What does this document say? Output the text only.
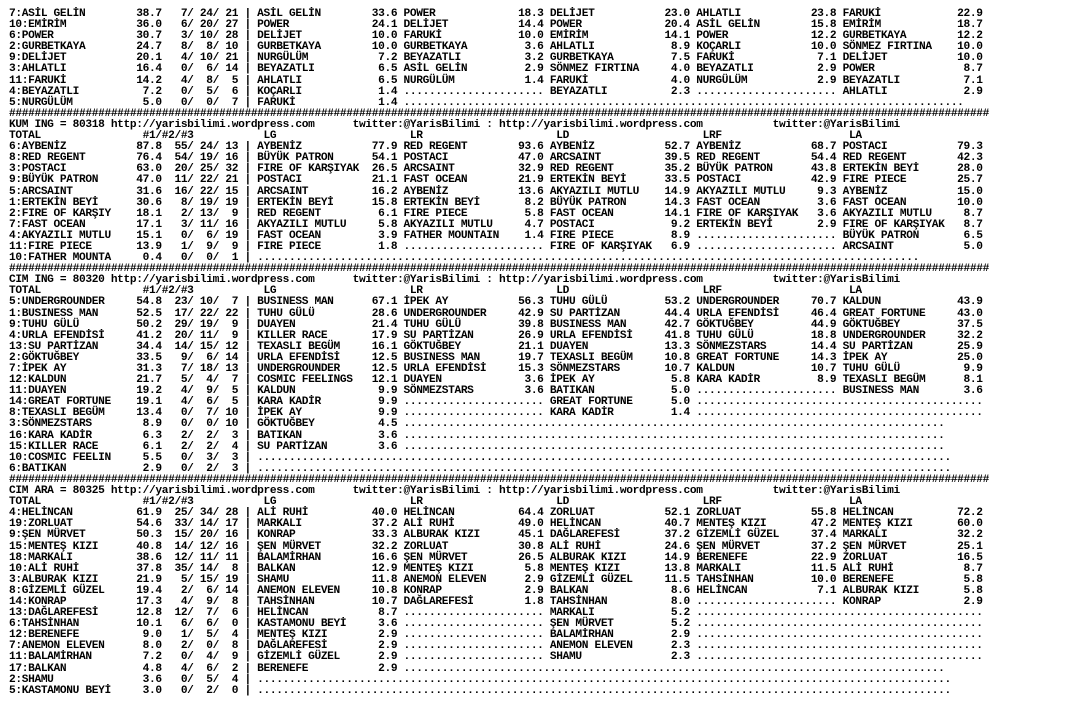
7:ASİL GELİN        38.7   7/ 24/ 21 | ASİL GELİN        33.6 POWER             18.3 DELİJET           23.0 AHLATLI           23.8 FARUKİ            22.9
10:EMİRİM           36.0   6/ 20/ 27 | POWER             24.1 DELİJET           14.4 POWER             20.4 ASİL GELİN        15.8 EMİRİM            18.7
6:POWER             30.7   3/ 10/ 28 | DELİJET           10.0 FARUKİ            10.0 EMİRİM            14.1 POWER             12.2 GURBETKAYA        12.2
2:GURBETKAYA        24.7   8/  8/ 10 | GURBETKAYA        10.0 GURBETKAYA         3.6 AHLATLI            8.9 KOÇARLI           10.0 SÖNMEZ FIRTINA    10.0
9:DELİJET           20.1   4/ 10/ 21 | NURGÜLÜM           7.2 BEYAZATLI          3.2 GURBETKAYA         7.5 FARUKİ             7.1 DELİJET           10.0
3:AHLATLI           16.4   0/  6/ 14 | BEYAZATLI          6.5 ASİL GELİN         2.9 SÖNMEZ FIRTINA     4.0 BEYAZATLI          2.9 POWER              8.7
11:FARUKİ           14.2   4/  8/  5 | AHLATLI            6.5 NURGÜLÜM           1.4 FARUKİ             4.0 NURGÜLÜM           2.9 BEYAZATLI          7.1
4:BEYAZATLI          7.2   0/  5/  6 | KOÇARLI            1.4 ...................... BEYAZATLI          2.3 ...................... AHLATLI            2.9
5:NURGÜLÜM           5.0   0/  0/  7 | FARUKİ             1.4 ........................................................................................
##########################################################################################################################################################
KUM ING = 80318 http://yarisbilimi.wordpress.com      twitter:@YarisBilimi : http://yarisbilimi.wordpress.com           twitter:@YarisBilimi
TOTAL                #1/#2/#3           LG                     LR                     LD                     LRF                    LA
6:AYBENİZ           87.8  55/ 24/ 13 | AYBENİZ           77.9 RED REGENT        93.6 AYBENİZ           52.7 AYBENİZ           68.7 POSTACI           79.3
8:RED REGENT        76.4  54/ 19/ 16 | BÜYÜK PATRON      54.1 POSTACI           47.0 ARCSAINT          39.5 RED REGENT        54.4 RED REGENT        42.3
3:POSTACI           63.0  20/ 25/ 32 | FIRE OF KARŞIYAK  26.5 ARCSAINT          32.9 RED REGENT        35.2 BÜYÜK PATRON      43.8 ERTEKİN BEYİ      28.0
9:BÜYÜK PATRON      47.0  11/ 22/ 21 | POSTACI           21.1 FAST OCEAN        21.9 ERTEKİN BEYİ      33.5 POSTACI           42.9 FIRE PIECE        25.7
5:ARCSAINT          31.6  16/ 22/ 15 | ARCSAINT          16.2 AYBENİZ           13.6 AKYAZILI MUTLU    14.9 AKYAZILI MUTLU     9.3 AYBENİZ           15.0
1:ERTEKİN BEYİ      30.6   8/ 19/ 19 | ERTEKİN BEYİ      15.8 ERTEKİN BEYİ       8.2 BÜYÜK PATRON      14.3 FAST OCEAN         3.6 FAST OCEAN        10.0
2:FIRE OF KARŞIY    18.1   2/ 13/  9 | RED REGENT         6.1 FIRE PIECE         5.8 FAST OCEAN        14.1 FIRE OF KARŞIYAK   3.6 AKYAZILI MUTLU     8.7
7:FAST OCEAN        17.1   3/ 11/ 16 | AKYAZILI MUTLU     5.8 AKYAZILI MUTLU     4.7 POSTACI            9.2 ERTEKİN BEYİ       2.9 FIRE OF KARŞIYAK   8.7
4:AKYAZILI MUTLU    15.1   0/  6/ 19 | FAST OCEAN         3.9 FATHER MOUNTAIN    1.4 FIRE PIECE         8.9 ...................... BÜYÜK PATRON       6.5
11:FIRE PIECE       13.9   1/  9/  9 | FIRE PIECE         1.8 ...................... FIRE OF KARŞIYAK   6.9 ...................... ARCSAINT           5.0
10:FATHER MOUNTA     0.4   0/  0/  1 | ........................................................................................................
##########################################################################################################################################################
CIM ING = 80320 http://yarisbilimi.wordpress.com      twitter:@YarisBilimi : http://yarisbilimi.wordpress.com           twitter:@YarisBilimi
TOTAL                #1/#2/#3           LG                     LR                     LD                     LRF                    LA
5:UNDERGROUNDER     54.8  23/ 10/  7 | BUSINESS MAN      67.1 İPEK AY           56.3 TUHU GÜLÜ         53.2 UNDERGROUNDER     70.7 KALDUN            43.9
1:BUSINESS MAN      52.5  17/ 22/ 22 | TUHU GÜLÜ         28.6 UNDERGROUNDER     42.9 SU PARTİZAN       44.4 URLA EFENDİSİ     46.4 GREAT FORTUNE     43.0
9:TUHU GÜLÜ         50.2  29/ 19/  9 | DUAYEN            21.4 TUHU GÜLÜ         39.8 BUSINESS MAN      42.7 GÖKTUĞBEY         44.9 GÖKTUĞBEY         37.5
4:URLA EFENDİSİ     41.2  20/ 11/  9 | KILLER RACE       17.9 SU PARTİZAN       26.9 URLA EFENDİSİ     41.8 TUHU GÜLÜ         18.8 UNDERGROUNDER     32.2
13:SU PARTİZAN      34.4  14/ 15/ 12 | TEXASLI BEGÜM     16.1 GÖKTUĞBEY         21.1 DUAYEN            13.3 SÖNMEZSTARS       14.4 SU PARTİZAN       25.9
2:GÖKTUĞBEY         33.5   9/  6/ 14 | URLA EFENDİSİ     12.5 BUSINESS MAN      19.7 TEXASLI BEGÜM     10.8 GREAT FORTUNE     14.3 İPEK AY           25.0
7:İPEK AY           31.3   7/ 18/ 13 | UNDERGROUNDER     12.5 URLA EFENDİSİ     15.3 SÖNMEZSTARS       10.7 KALDUN            10.7 TUHU GÜLÜ          9.9
12:KALDUN           21.7   5/  4/  7 | COSMIC FEELINGS   12.1 DUAYEN             3.6 İPEK AY            5.8 KARA KADİR         8.9 TEXASLI BEGÜM      8.1
11:DUAYEN           19.2   4/  9/  5 | KALDUN             9.9 SÖNMEZSTARS        3.6 BATIKAN            5.0 ...................... BUSINESS MAN       3.6
14:GREAT FORTUNE    19.1   4/  6/  5 | KARA KADİR         9.9 ...................... GREAT FORTUNE      5.0 .............................................
8:TEXASLI BEGÜM     13.4   0/  7/ 10 | İPEK AY            9.9 ...................... KARA KADİR         1.4 .............................................
3:SÖNMEZSTARS        8.9   0/  0/ 10 | GÖKTUĞBEY          4.5 .....................................................................................
16:KARA KADİR        6.3   2/  2/  3 | BATIKAN            3.6 .....................................................................................
15:KILLER RACE       6.1   2/  2/  4 | SU PARTİZAN        3.6 .....................................................................................
10:COSMIC FEELIN     5.5   0/  3/  3 | .............................................................................................................
6:BATIKAN            2.9   0/  2/  3 | .............................................................................................................
##########################################################################################################################################################
CIM ARA = 80325 http://yarisbilimi.wordpress.com      twitter:@YarisBilimi : http://yarisbilimi.wordpress.com           twitter:@YarisBilimi
TOTAL                #1/#2/#3           LG                     LR                     LD                     LRF                    LA
4:HELİNCAN          61.9  25/ 34/ 28 | ALİ RUHİ          40.0 HELİNCAN          64.4 ZORLUAT           52.1 ZORLUAT           55.8 HELİNCAN          72.2
19:ZORLUAT          54.6  33/ 14/ 17 | MARKALI           37.2 ALİ RUHİ          49.0 HELİNCAN          40.7 MENTEŞ KIZI       47.2 MENTEŞ KIZI       60.0
9:ŞEN MÜRVET        50.3  15/ 20/ 16 | KONRAP            33.3 ALBURAK KIZI      45.1 DAĞLAREFESİ       37.2 GİZEMLİ GÜZEL     37.4 MARKALI           32.2
15:MENTEŞ KIZI      40.8  14/ 12/ 16 | ŞEN MÜRVET        32.2 ZORLUAT           30.8 ALİ RUHİ          24.6 ŞEN MÜRVET        37.2 ŞEN MÜRVET        25.1
18:MARKALI          38.6  12/ 11/ 11 | BALAMİRHAN        16.6 ŞEN MÜRVET        26.5 ALBURAK KIZI      14.9 BERENEFE          22.9 ZORLUAT           16.5
10:ALİ RUHİ         37.8  35/ 14/  8 | BALKAN            12.9 MENTEŞ KIZI        5.8 MENTEŞ KIZI       13.8 MARKALI           11.5 ALİ RUHİ           8.7
3:ALBURAK KIZI      21.9   5/ 15/ 19 | SHAMU             11.8 ANEMON ELEVEN      2.9 GİZEMLİ GÜZEL     11.5 TAHSİNHAN         10.0 BERENEFE           5.8
8:GİZEMLİ GÜZEL     19.4   2/  6/ 14 | ANEMON ELEVEN     10.8 KONRAP             2.9 BALKAN             8.6 HELİNCAN           7.1 ALBURAK KIZI       5.8
14:KONRAP           17.3   4/  9/  8 | TAHSİNHAN         10.7 DAĞLAREFESİ        1.8 TAHSİNHAN          8.0 ...................... KONRAP             2.9
13:DAĞLAREFESİ      12.8  12/  7/  6 | HELİNCAN           8.7 ...................... MARKALI            5.2 .............................................
6:TAHSİNHAN         10.1   6/  6/  0 | KASTAMONU BEYİ     3.6 ...................... ŞEN MÜRVET         5.2 .............................................
12:BERENEFE          9.0   1/  5/  4 | MENTEŞ KIZI        2.9 ...................... BALAMİRHAN         2.9 .............................................
7:ANEMON ELEVEN      8.0   2/  0/  8 | DAĞLAREFESİ        2.9 ...................... ANEMON ELEVEN      2.3 .............................................
11:BALAMİRHAN        7.2   0/  4/  9 | GİZEMLİ GÜZEL      2.9 ...................... SHAMU              2.3 .............................................
17:BALKAN            4.8   4/  6/  2 | BERENEFE           2.9 .....................................................................................
2:SHAMU              3.6   0/  5/  4 | .............................................................................................................
5:KASTAMONU BEYİ     3.0   0/  2/  0 | .............................................................................................................
